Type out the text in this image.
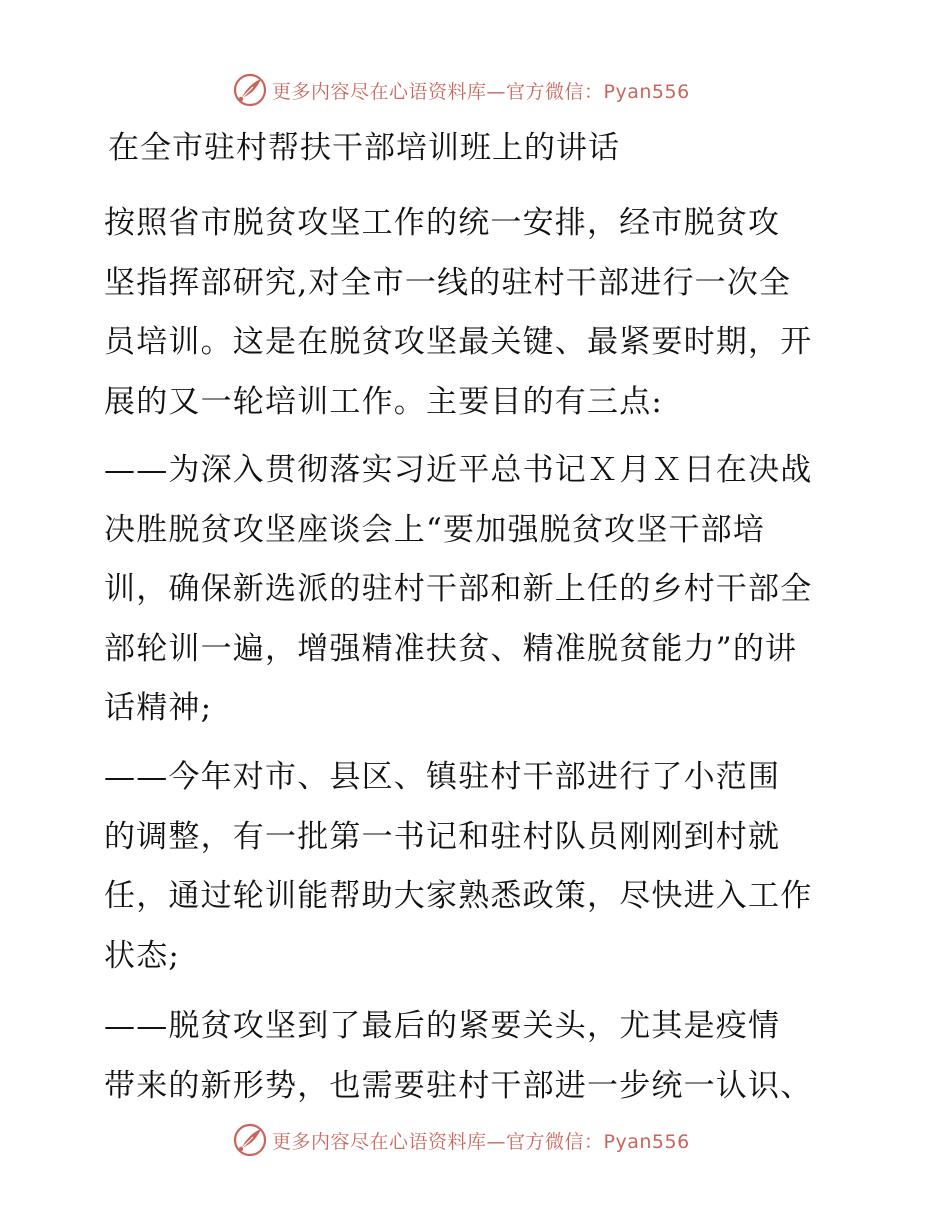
更多内容尽在心语资料库—官方微信：Pyan556
在全市驻村帮扶干部培训班上的讲话

按照省市脱贫攻坚工作的统一安排，经市脱贫攻
坚指挥部研究,对全市一线的驻村干部进行一次全
员培训。这是在脱贫攻坚最关键、最紧要时期，开
展的又一轮培训工作。主要目的有三点:

——为深入贯彻落实习近平总书记Ｘ月Ｘ日在决战
决胜脱贫攻坚座谈会上“要加强脱贫攻坚干部培
训，确保新选派的驻村干部和新上任的乡村干部全
部轮训一遍，增强精准扶贫、精准脱贫能力”的讲
话精神;

——今年对市、县区、镇驻村干部进行了小范围
的调整，有一批第一书记和驻村队员刚刚到村就
任，通过轮训能帮助大家熟悉政策，尽快进入工作
状态;

——脱贫攻坚到了最后的紧要关头，尤其是疫情
带来的新形势，也需要驻村干部进一步统一认识、

更多内容尽在心语资料库—官方微信：Pyan556
